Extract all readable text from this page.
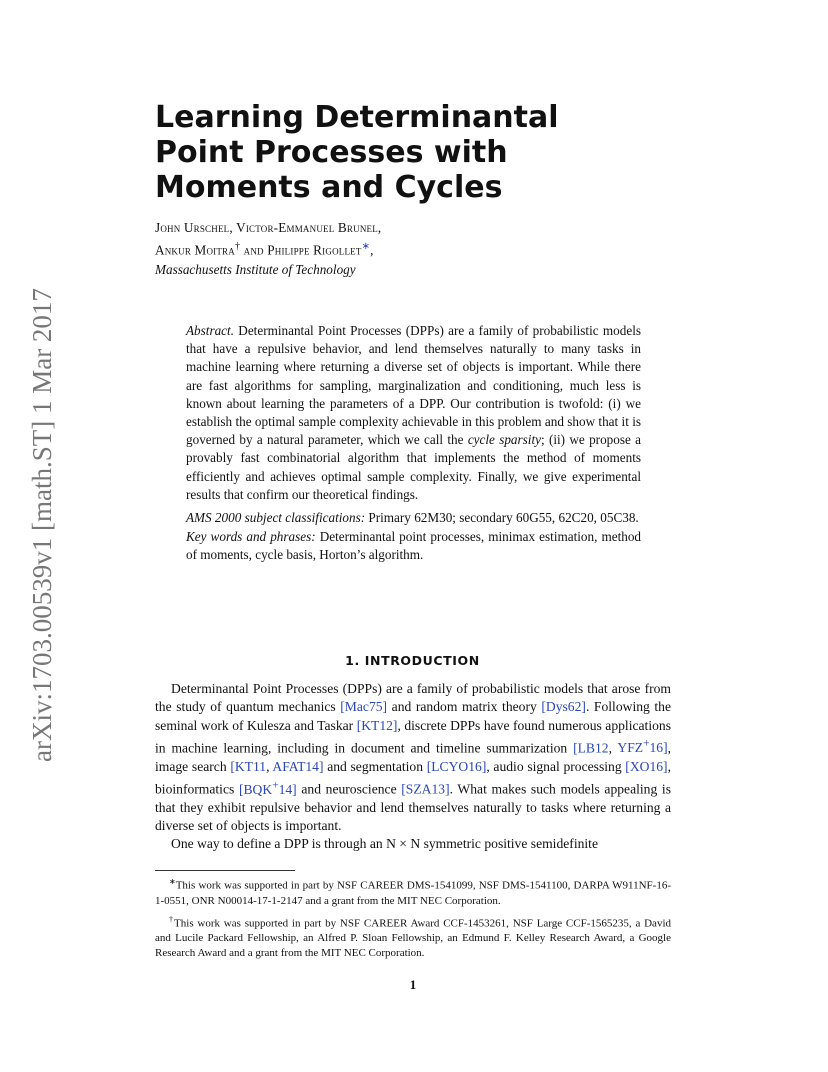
arXiv:1703.00539v1 [math.ST] 1 Mar 2017
Learning Determinantal Point Processes with Moments and Cycles
John Urschel, Victor-Emmanuel Brunel,
Ankur Moitra† and Philippe Rigollet∗,
Massachusetts Institute of Technology

Abstract. Determinantal Point Processes (DPPs) are a family of probabilistic models that have a repulsive behavior, and lend themselves naturally to many tasks in machine learning where returning a diverse set of objects is important. While there are fast algorithms for sampling, marginalization and conditioning, much less is known about learning the parameters of a DPP. Our contribution is twofold: (i) we establish the optimal sample complexity achievable in this problem and show that it is governed by a natural parameter, which we call the cycle sparsity; (ii) we propose a provably fast combinatorial algorithm that implements the method of moments efficiently and achieves optimal sample complexity. Finally, we give experimental results that confirm our theoretical findings.

AMS 2000 subject classifications: Primary 62M30; secondary 60G55, 62C20, 05C38.

Key words and phrases: Determinantal point processes, minimax estimation, method of moments, cycle basis, Horton’s algorithm.

1. INTRODUCTION

Determinantal Point Processes (DPPs) are a family of probabilistic models that arose from the study of quantum mechanics [Mac75] and random matrix theory [Dys62]. Following the seminal work of Kulesza and Taskar [KT12], discrete DPPs have found numerous applications in machine learning, including in document and timeline summarization [LB12, YFZ+16], image search [KT11, AFAT14] and segmentation [LCYO16], audio signal processing [XO16], bioinformatics [BQK+14] and neuroscience [SZA13]. What makes such models appealing is that they exhibit repulsive behavior and lend themselves naturally to tasks where returning a diverse set of objects is important.

One way to define a DPP is through an N × N symmetric positive semidefinite

∗This work was supported in part by NSF CAREER DMS-1541099, NSF DMS-1541100, DARPA W911NF-16-1-0551, ONR N00014-17-1-2147 and a grant from the MIT NEC Corporation.

†This work was supported in part by NSF CAREER Award CCF-1453261, NSF Large CCF-1565235, a David and Lucile Packard Fellowship, an Alfred P. Sloan Fellowship, an Edmund F. Kelley Research Award, a Google Research Award and a grant from the MIT NEC Corporation.

1
